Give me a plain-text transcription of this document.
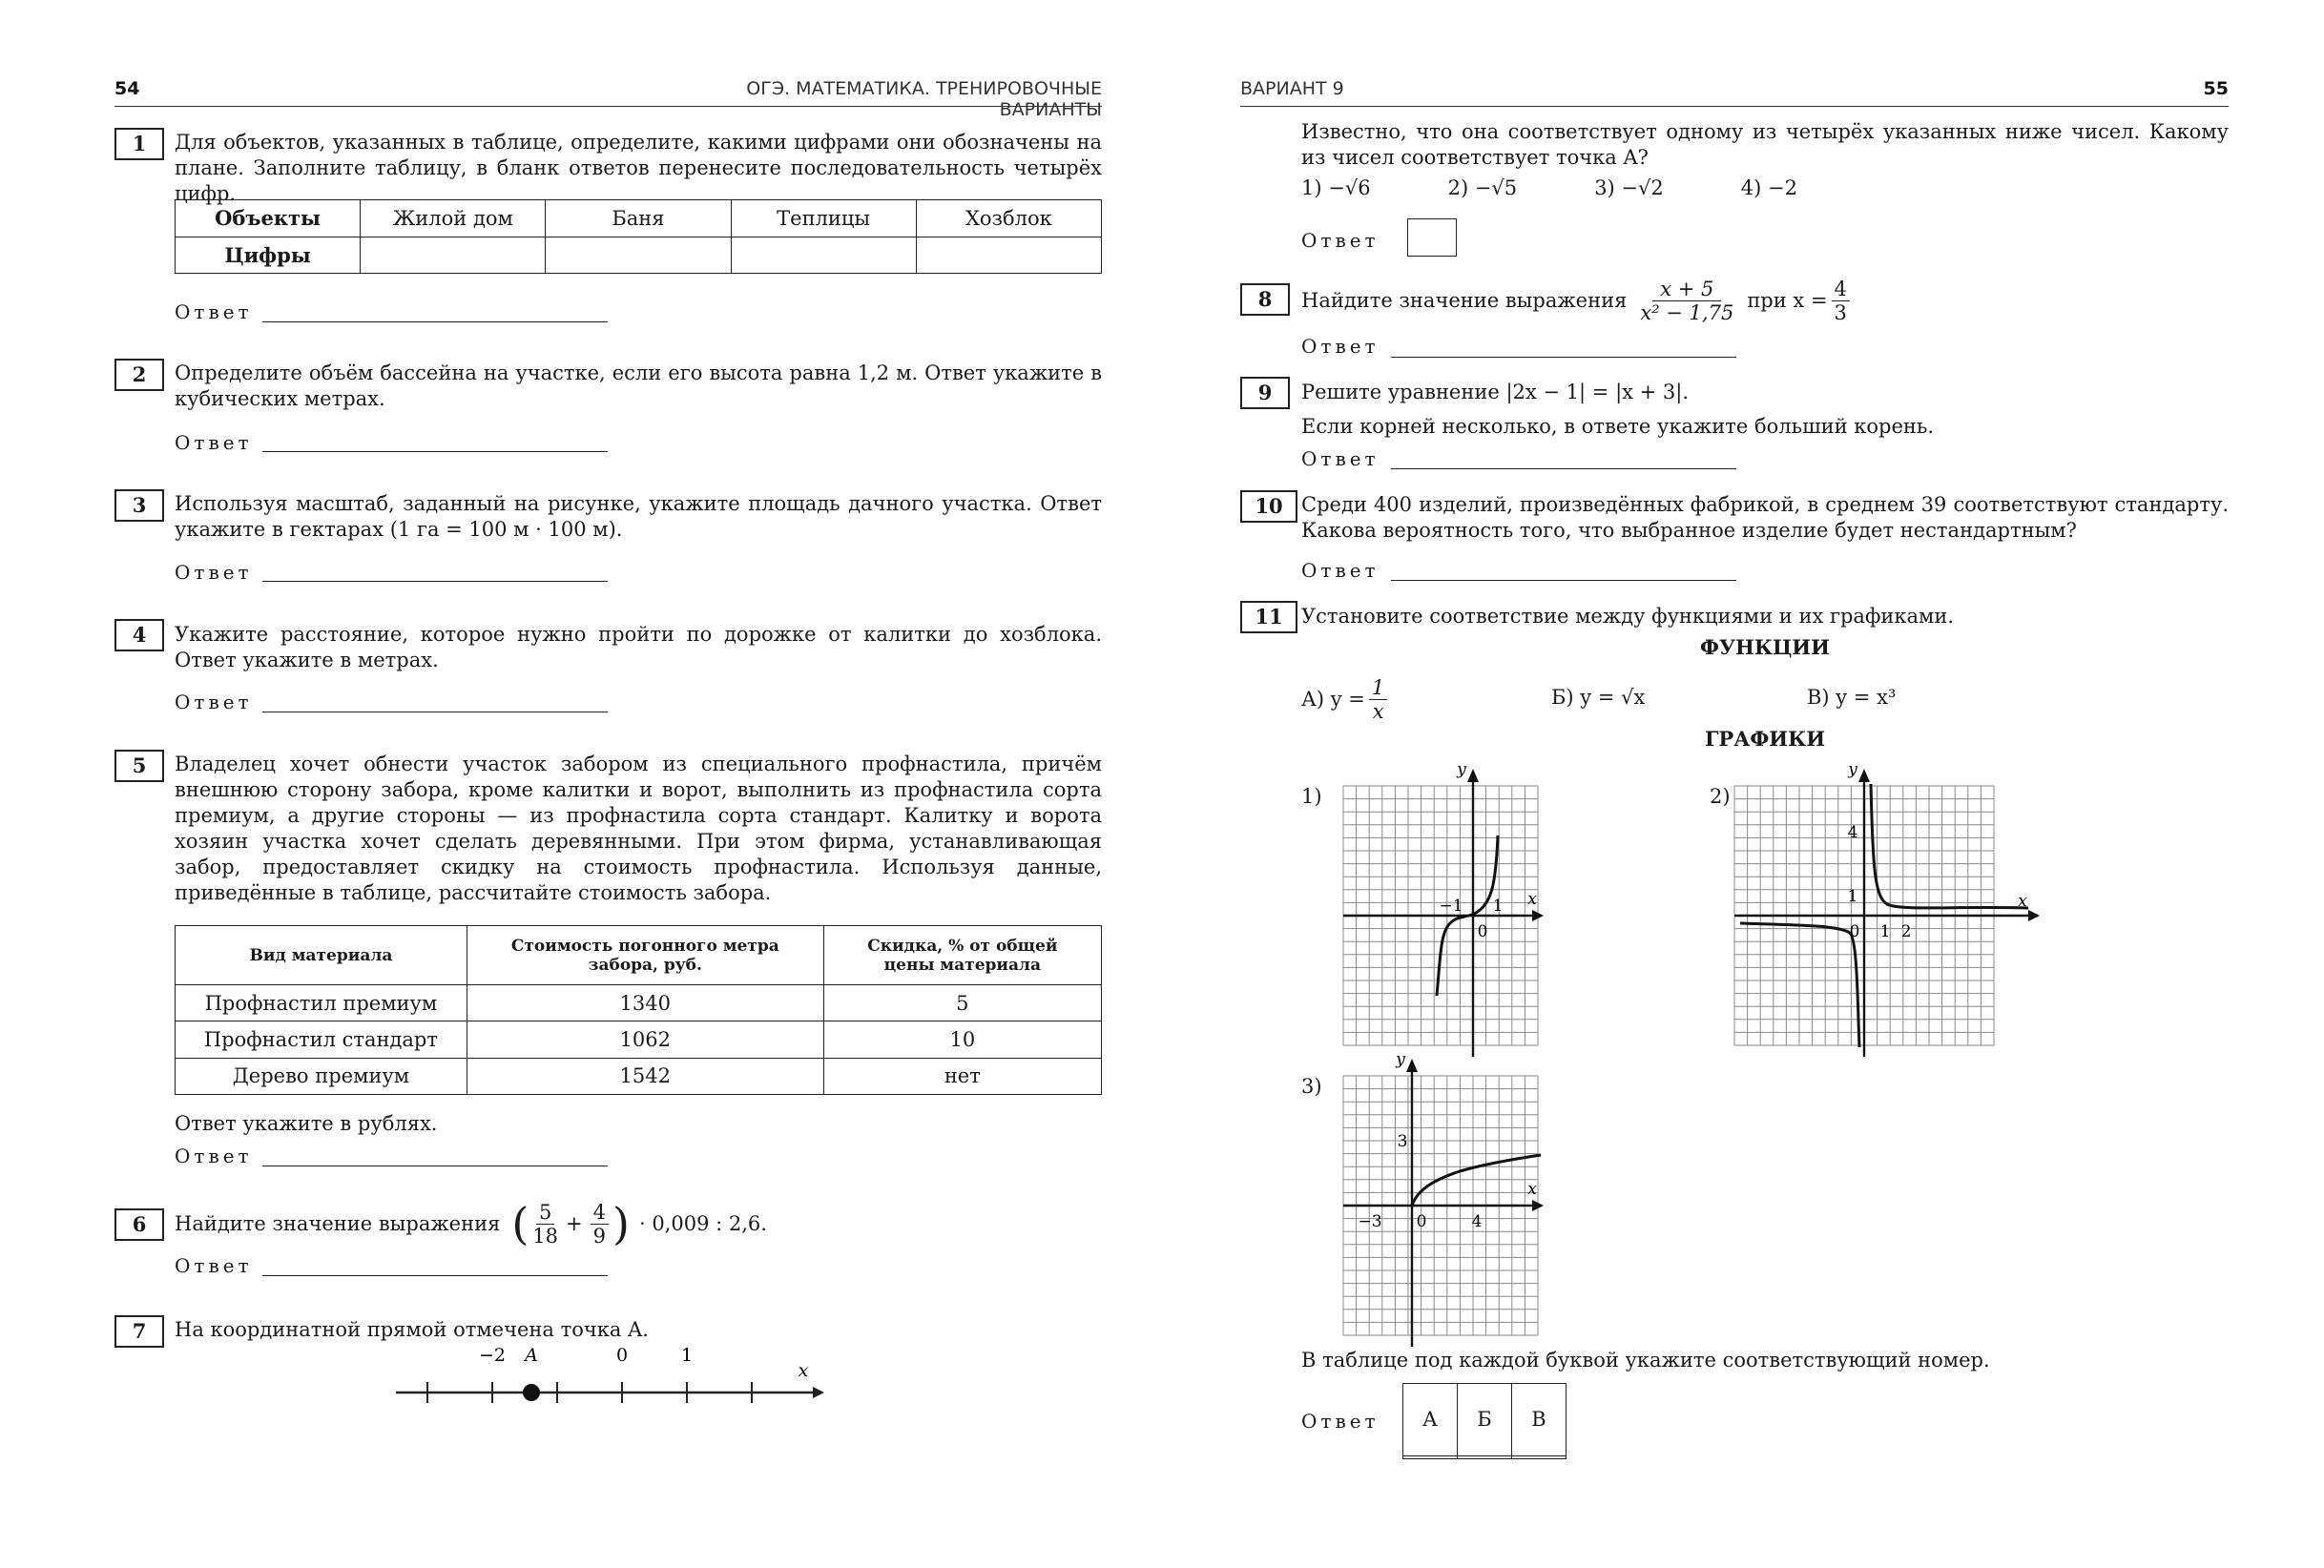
54	ОГЭ. МАТЕМАТИКА. ТРЕНИРОВОЧНЫЕ ВАРИАНТЫ
1	Для объектов, указанных в таблице, определите, какими цифрами они обозначены на плане. Заполните таблицу, в бланк ответов перенесите последовательность четырёх цифр.

Объекты	Жилой дом	Баня	Теплицы	Хозблок
Цифры				
Ответ
2	Определите объём бассейна на участке, если его высота равна 1,2 м. Ответ укажите в кубических метрах.

Ответ
3	Используя масштаб, заданный на рисунке, укажите площадь дачного участка. Ответ укажите в гектарах (1 га = 100 м · 100 м).

Ответ
4	Укажите расстояние, которое нужно пройти по дорожке от калитки до хозблока. Ответ укажите в метрах.

Ответ
5	Владелец хочет обнести участок забором из специального профнастила, причём внешнюю сторону забора, кроме калитки и ворот, выполнить из профнастила сорта премиум, а другие стороны — из профнастила сорта стандарт. Калитку и ворота хозяин участка хочет сделать деревянными. При этом фирма, устанавливающая забор, предоставляет скидку на стоимость профнастила. Используя данные, приведённые в таблице, рассчитайте стоимость забора.

Вид материала	Стоимость погонного метра забора, руб.	Скидка, % от общей цены материала
Профнастил премиум	1340	5
Профнастил стандарт	1062	10
Дерево премиум	1542	нет

Ответ укажите в рублях.

Ответ
6	Найдите значение выражения ( $\frac{5}{18} + \frac{4}{9}$ ) · 0,009 : 2,6.
Ответ
7	На координатной прямой отмечена точка A.

−2 A	0	1
x
ВАРИАНТ 9	55

Известно, что она соответствует одному из четырёх указанных ниже чисел. Какому из чисел соответствует точка A?

1) −√6	2) −√5	3) −√2	4) −2
Ответ
8	Найдите значение выражения $\frac{x + 5}{\text{x² − 1,75}}$ при $x = \frac{4}{3}$
Ответ
9	Решите уравнение |2x − 1| = |x + 3|.

Если корней несколько, в ответе укажите больший корень.

Ответ
10 Среди 400 изделий, произведённых фабрикой, в среднем 39 соответствуют стандарту. Какова вероятность того, что выбранное изделие будет нестандартным?

Ответ
11 Установите соответствие между функциями и их графиками.

ФУНКЦИИ
А) $y = \frac{1}{x}$	Б) y = √x	В) y = x³
ГРАФИКИ
1)
−1 1
0
x
y
2)
4
1
0 1 2
x
y
3)
3
−3 0	4
x
y

В таблице под каждой буквой укажите соответствующий номер.

Ответ А	Б	В
